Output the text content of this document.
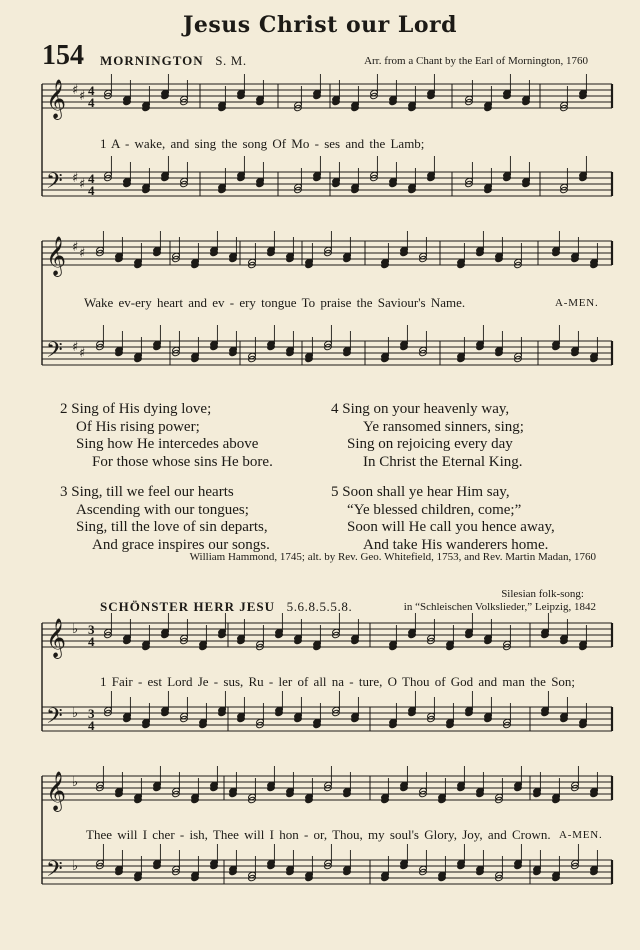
Jesus Christ our Lord
154 MORNINGTON S. M.	Arr. from a Chant by the Earl of Mornington, 1760
𝄞
𝄢
♯
♯
♯
♯
4
4
4
4
𝄞
𝄢
♯
♯
♯
♯
𝄞
𝄢
♭
♭
3
4
3
4
𝄞
𝄢
♭
♭
1 A - wake, and sing the song Of Mo - ses and the Lamb;
Wake ev-ery heart and ev - ery tongue To praise the Saviour's Name.	A-MEN.
2 Sing of His dying love;
Of His rising power;
Sing how He intercedes above
For those whose sins He bore.
4 Sing on your heavenly way,
Ye ransomed sinners, sing;
Sing on rejoicing every day
In Christ the Eternal King.
3 Sing, till we feel our hearts
Ascending with our tongues;
Sing, till the love of sin departs,
And grace inspires our songs.
5 Soon shall ye hear Him say,
“Ye blessed children, come;”
Soon will He call you hence away,
And take His wanderers home.
William Hammond, 1745; alt. by Rev. Geo. Whitefield, 1753, and Rev. Martin Madan, 1760
Silesian folk-song:
SCHÖNSTER HERR JESU 5.6.8.5.5.8.	in “Schleischen Volkslieder,” Leipzig, 1842
1 Fair - est Lord Je - sus, Ru - ler of all na - ture, O Thou of God and man the Son;
Thee will I cher - ish, Thee will I hon - or, Thou, my soul's Glory, Joy, and Crown. A-MEN.
